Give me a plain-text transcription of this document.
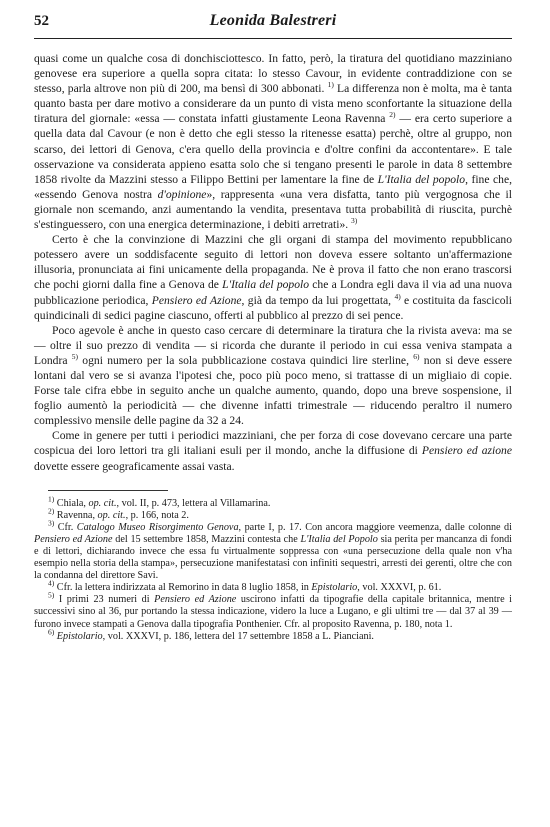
52	Leonida Balestreri

quasi come un qualche cosa di donchisciottesco. In fatto, però, la tiratura del quotidiano mazziniano genovese era superiore a quella sopra citata: lo stesso Cavour, in evidente contraddizione con se stesso, parla altrove non più di 200, ma bensì di 300 abbonati. $^{1)}$ La differenza non è molta, ma è tanta quanto basta per dare motivo a considerare da un punto di vista meno sconfortante la situazione della tiratura del giornale: «essa — constata infatti giustamente Leona Ravenna $^{2)}$ — era certo superiore a quella data dal Cavour (e non è detto che egli stesso la ritenesse esatta) perchè, oltre al gruppo, non scarso, dei lettori di Genova, c'era quello della provincia e d'oltre confini da accontentare». E tale osservazione va considerata appieno esatta solo che si tengano presenti le parole in data 8 settembre 1858 rivolte da Mazzini stesso a Filippo Bettini per lamentare la fine de L'Italia del popolo, fine che, «essendo Genova nostra d'opinione», rappresenta «una vera disfatta, tanto più vergognosa che il giornale non scemando, anzi aumentando la vendita, presentava tutta probabilità di riuscita, purchè s'estinguessero, con una energica determinazione, i debiti arretrati». $^{3)}$

Certo è che la convinzione di Mazzini che gli organi di stampa del movimento repubblicano potessero avere un soddisfacente seguito di lettori non doveva essere soltanto un'affermazione illusoria, pronunciata ai fini unicamente della propaganda. Ne è prova il fatto che non erano trascorsi che pochi giorni dalla fine a Genova de L'Italia del popolo che a Londra egli dava il via ad una nuova pubblicazione periodica, Pensiero ed Azione, già da tempo da lui progettata, $^{4)}$ e costituita da fascicoli quindicinali di sedici pagine ciascuno, offerti al pubblico al prezzo di sei pence.

Poco agevole è anche in questo caso cercare di determinare la tiratura che la rivista aveva: ma se — oltre il suo prezzo di vendita — si ricorda che durante il periodo in cui essa veniva stampata a Londra $^{5)}$ ogni numero per la sola pubblicazione costava quindici lire sterline, $^{6)}$ non si deve essere lontani dal vero se si avanza l'ipotesi che, poco più poco meno, si trattasse di un migliaio di copie. Forse tale cifra ebbe in seguito anche un qualche aumento, quando, dopo una breve sospensione, il foglio aumentò la periodicità — che divenne infatti trimestrale — riducendo peraltro il numero complessivo mensile delle pagine da 32 a 24.

Come in genere per tutti i periodici mazziniani, che per forza di cose dovevano cercare una parte cospicua dei loro lettori tra gli italiani esuli per il mondo, anche la diffusione di Pensiero ed azione dovette essere geograficamente assai vasta.

$^{1)}$ Chiala, op. cit., vol. II, p. 473, lettera al Villamarina.

$^{2)}$ Ravenna, op. cit., p. 166, nota 2.

$^{3)}$ Cfr. Catalogo Museo Risorgimento Genova, parte I, p. 17. Con ancora maggiore veemenza, dalle colonne di Pensiero ed Azione del 15 settembre 1858, Mazzini contesta che L'Italia del Popolo sia perita per mancanza di fondi e di lettori, dichiarando invece che essa fu virtualmente soppressa con «una persecuzione della quale non v'ha esempio nella storia della stampa», persecuzione manifestatasi con infiniti sequestri, arresti dei gerenti, oltre che con la condanna del direttore Savi.

$^{4)}$ Cfr. la lettera indirizzata al Remorino in data 8 luglio 1858, in Epistolario, vol. XXXVI, p. 61.

$^{5)}$ I primi 23 numeri di Pensiero ed Azione uscirono infatti da tipografie della capitale britannica, mentre i successivi sino al 36, pur portando la stessa indicazione, videro la luce a Lugano, e gli ultimi tre — dal 37 al 39 — furono invece stampati a Genova dalla tipografia Ponthenier. Cfr. al proposito Ravenna, p. 180, nota 1.

$^{6)}$ Epistolario, vol. XXXVI, p. 186, lettera del 17 settembre 1858 a L. Pianciani.
